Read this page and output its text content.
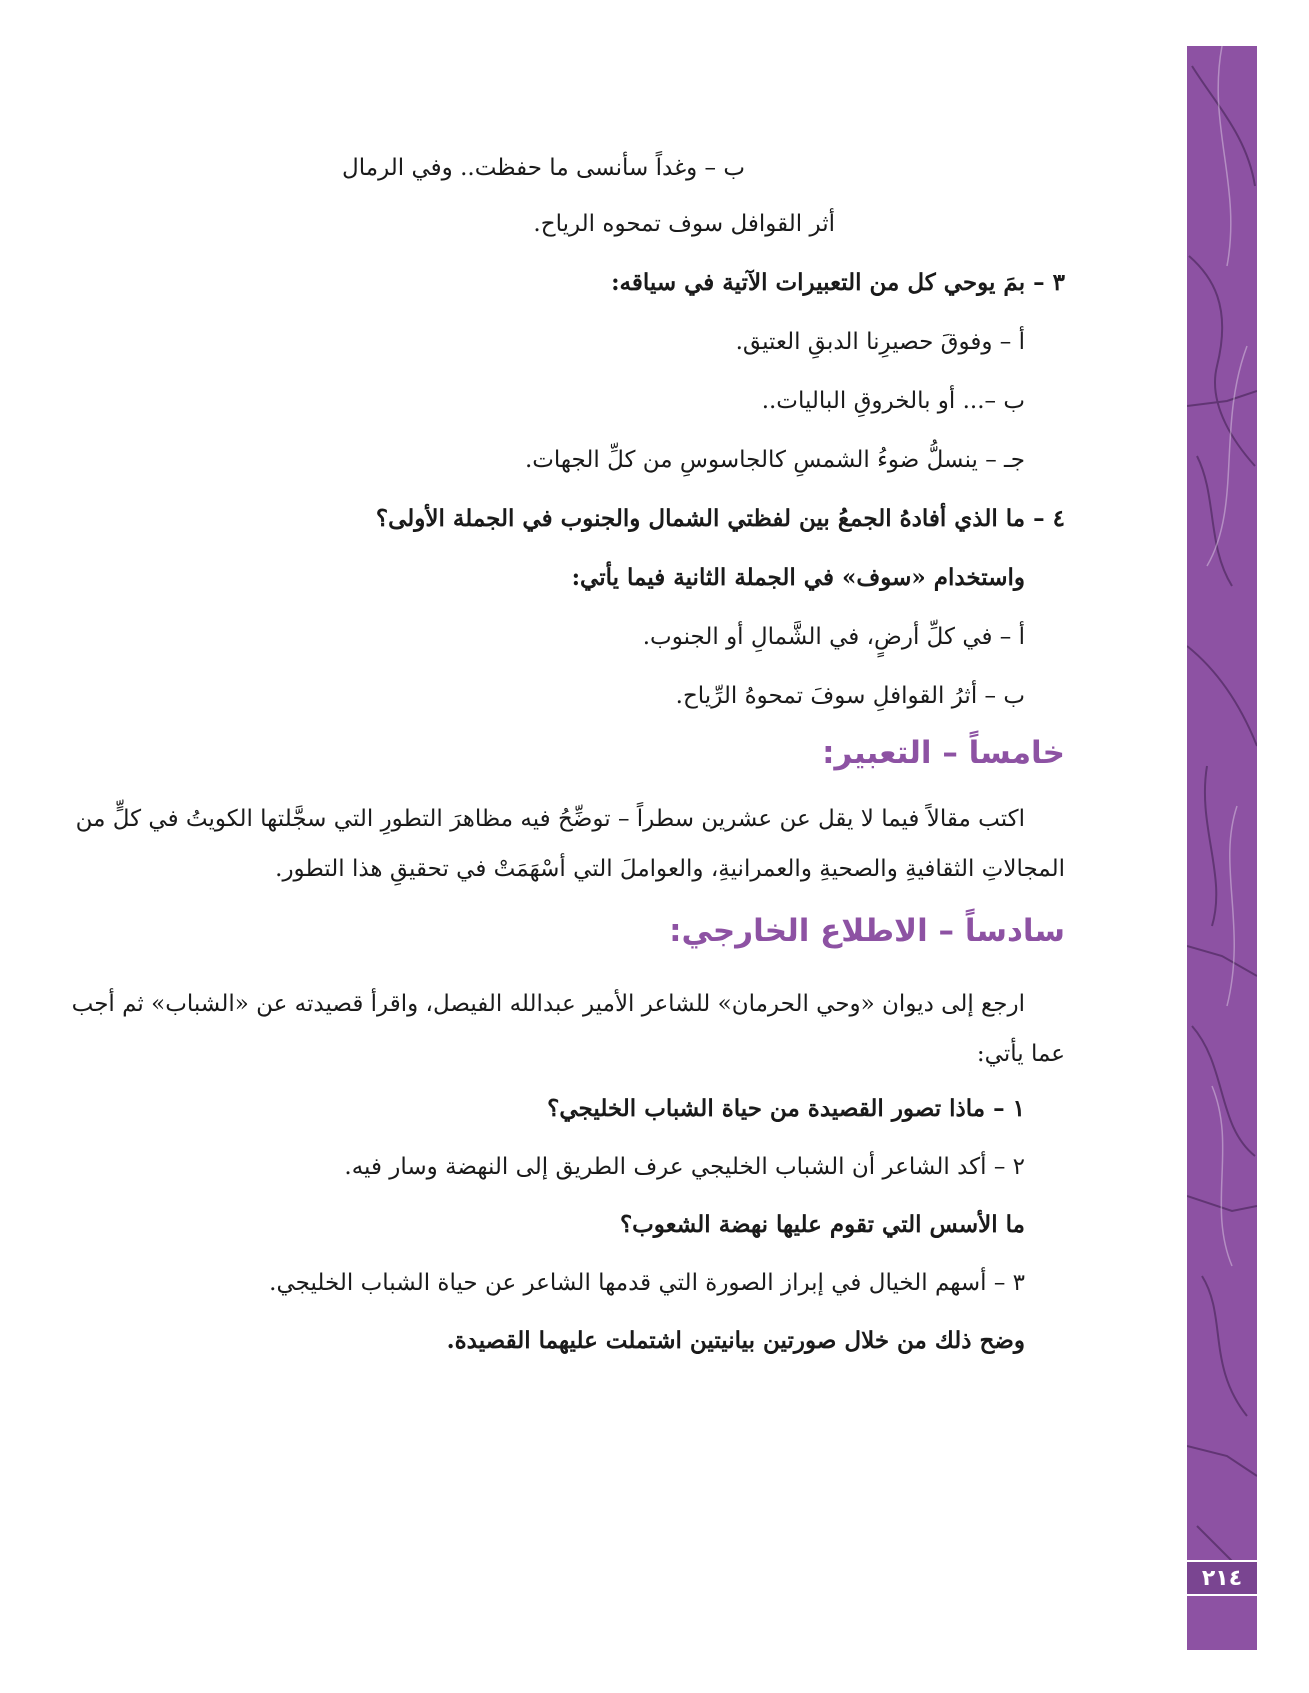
٢١٤
ب – وغداً سأنسى ما حفظت.. وفي الرمال
أثر القوافل سوف تمحوه الرياح.
٣ – بمَ يوحي كل من التعبيرات الآتية في سياقه:
أ – وفوقَ حصيرِنا الدبقِ العتيق.
ب –... أو بالخروقِ الباليات..
جـ – ينسلُّ ضوءُ الشمسِ كالجاسوسِ من كلِّ الجهات.
٤ – ما الذي أفادهُ الجمعُ بين لفظتي الشمال والجنوب في الجملة الأولى؟
واستخدام «سوف» في الجملة الثانية فيما يأتي:
أ – في كلِّ أرضٍ، في الشَّمالِ أو الجنوب.
ب – أثرُ القوافلِ سوفَ تمحوهُ الرِّياح.
خامساً – التعبير:
اكتب مقالاً فيما لا يقل عن عشرين سطراً – توضِّحُ فيه مظاهرَ التطورِ التي سجَّلتها الكويتُ في كلٍّ من
المجالاتِ الثقافيةِ والصحيةِ والعمرانيةِ، والعواملَ التي أسْهَمَتْ في تحقيقِ هذا التطور.
سادساً – الاطلاع الخارجي:
ارجع إلى ديوان «وحي الحرمان» للشاعر الأمير عبدالله الفيصل، واقرأ قصيدته عن «الشباب» ثم أجب
عما يأتي:
١ – ماذا تصور القصيدة من حياة الشباب الخليجي؟
٢ – أكد الشاعر أن الشباب الخليجي عرف الطريق إلى النهضة وسار فيه.
ما الأسس التي تقوم عليها نهضة الشعوب؟
٣ – أسهم الخيال في إبراز الصورة التي قدمها الشاعر عن حياة الشباب الخليجي.
وضح ذلك من خلال صورتين بيانيتين اشتملت عليهما القصيدة.
